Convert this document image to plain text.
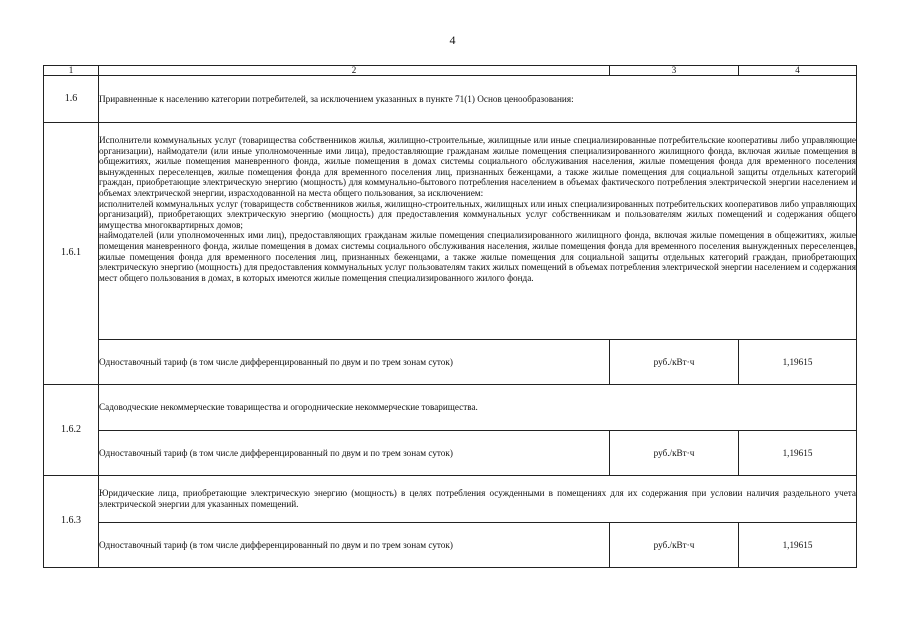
4
1	2	3	4
1.6	Приравненные к населению категории потребителей, за исключением указанных в пункте 71(1) Основ ценообразования:		
1.6.1	Исполнители коммунальных услуг (товарищества собственников жилья, жилищно-строительные, жилищные или иные специализированные потребительские кооперативы либо управляющие организации), наймодатели (или иные уполномоченные ими лица), предоставляющие гражданам жилые помещения специализированного жилищного фонда, включая жилые помещения в общежитиях, жилые помещения маневренного фонда, жилые помещения в домах системы социального обслуживания населения, жилые помещения фонда для временного поселения вынужденных переселенцев, жилые помещения фонда для временного поселения лиц, признанных беженцами, а также жилые помещения для социальной защиты отдельных категорий граждан, приобретающие электрическую энергию (мощность) для коммунально-бытового потребления населением в объемах фактического потребления электрической энергии населением и объемах электрической энергии, израсходованной на места общего пользования, за исключением:
исполнителей коммунальных услуг (товариществ собственников жилья, жилищно-строительных, жилищных или иных специализированных потребительских кооперативов либо управляющих организаций), приобретающих электрическую энергию (мощность) для предоставления коммунальных услуг собственникам и пользователям жилых помещений и содержания общего имущества многоквартирных домов;
наймодателей (или уполномоченных ими лиц), предоставляющих гражданам жилые помещения специализированного жилищного фонда, включая жилые помещения в общежитиях, жилые помещения маневренного фонда, жилые помещения в домах системы социального обслуживания населения, жилые помещения фонда для временного поселения вынужденных переселенцев, жилые помещения фонда для временного поселения лиц, признанных беженцами, а также жилые помещения для социальной защиты отдельных категорий граждан, приобретающих электрическую энергию (мощность) для предоставления коммунальных услуг пользователям таких жилых помещений в объемах потребления электрической энергии населением и содержания мест общего пользования в домах, в которых имеются жилые помещения специализированного жилого фонда.		

	Одноставочный тариф (в том числе дифференцированный по двум и по трем зонам суток)	руб./кВт·ч	1,19615
1.6.2	Садоводческие некоммерческие товарищества и огороднические некоммерческие товарищества.		
	Одноставочный тариф (в том числе дифференцированный по двум и по трем зонам суток)	руб./кВт·ч	1,19615
1.6.3	Юридические лица, приобретающие электрическую энергию (мощность) в целях потребления осужденными в помещениях для их содержания при условии наличия раздельного учета электрической энергии для указанных помещений.		
	Одноставочный тариф (в том числе дифференцированный по двум и по трем зонам суток)	руб./кВт·ч	1,19615
